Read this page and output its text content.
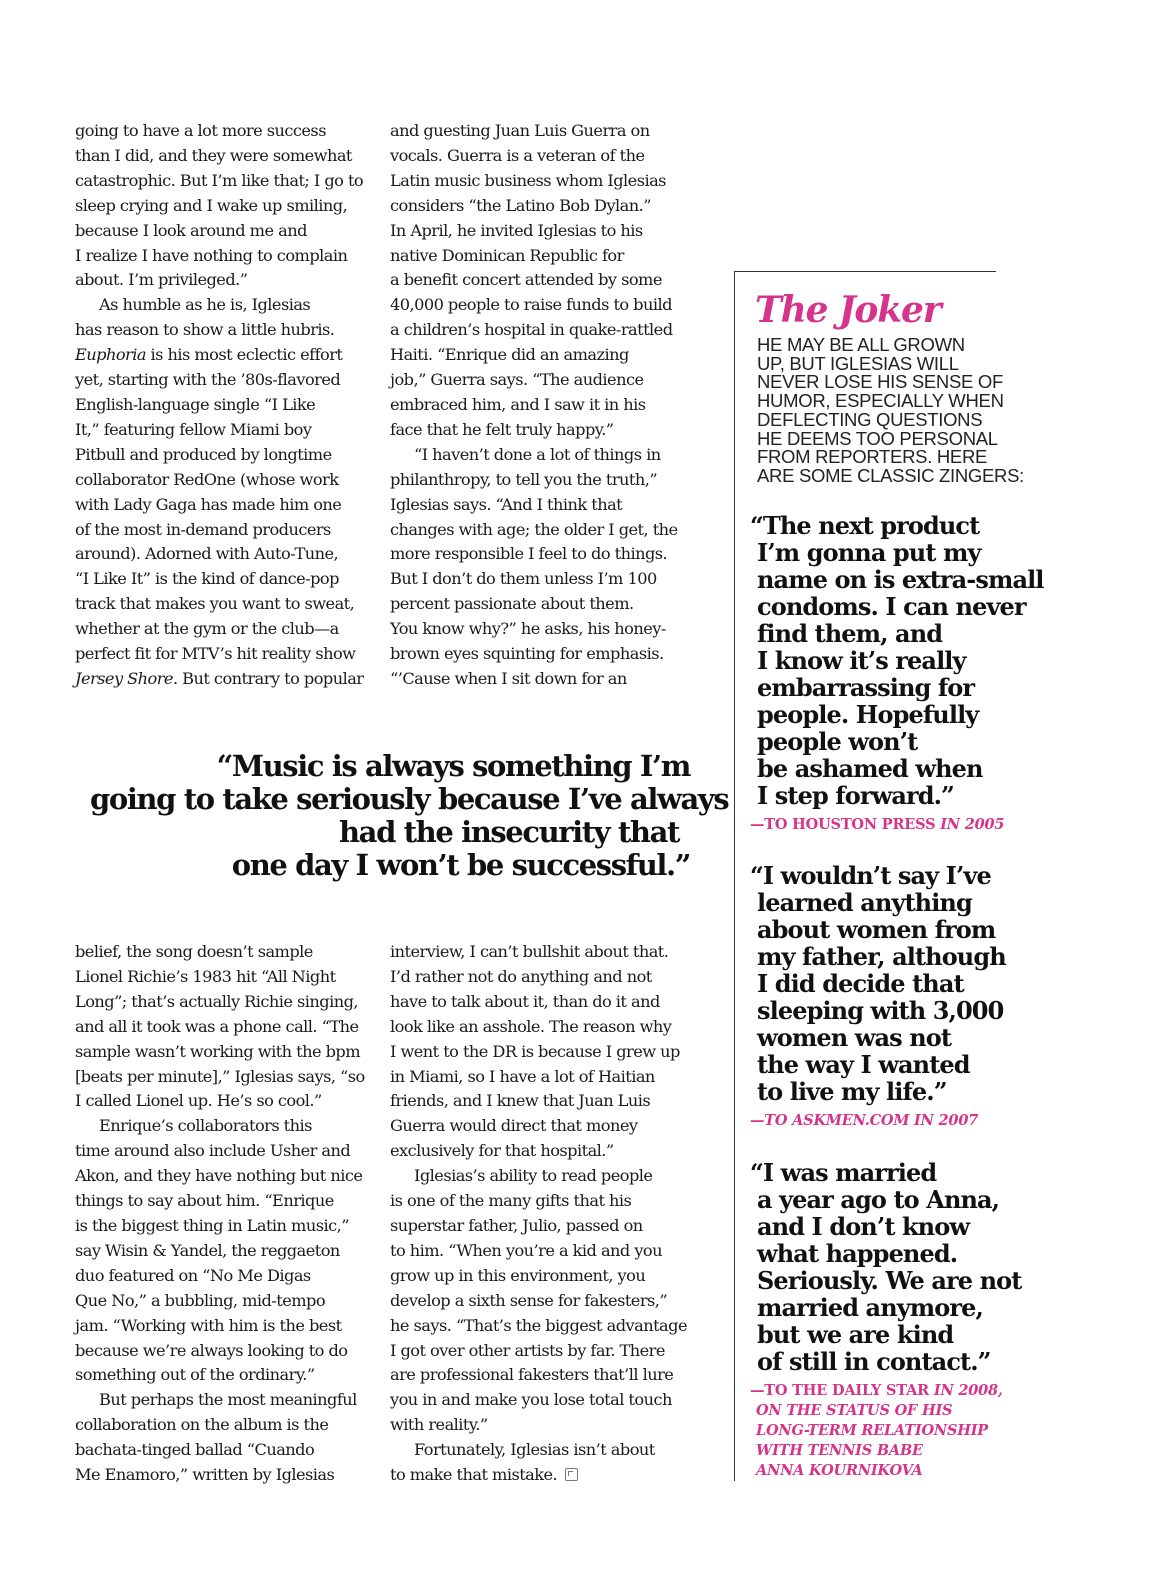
going to have a lot more success
than I did, and they were somewhat
catastrophic. But I’m like that; I go to
sleep crying and I wake up smiling,
because I look around me and
I realize I have nothing to complain
about. I’m privileged.”

As humble as he is, Iglesias
has reason to show a little hubris.
Euphoria is his most eclectic effort
yet, starting with the ’80s-flavored
English-language single “I Like
It,” featuring fellow Miami boy
Pitbull and produced by longtime
collaborator RedOne (whose work
with Lady Gaga has made him one
of the most in-demand producers
around). Adorned with Auto-Tune,
“I Like It” is the kind of dance-pop
track that makes you want to sweat,
whether at the gym or the club—a
perfect fit for MTV’s hit reality show
Jersey Shore. But contrary to popular

and guesting Juan Luis Guerra on
vocals. Guerra is a veteran of the
Latin music business whom Iglesias
considers “the Latino Bob Dylan.”
In April, he invited Iglesias to his
native Dominican Republic for
a benefit concert attended by some
40,000 people to raise funds to build
a children’s hospital in quake-rattled
Haiti. “Enrique did an amazing
job,” Guerra says. “The audience
embraced him, and I saw it in his
face that he felt truly happy.”

“I haven’t done a lot of things in
philanthropy, to tell you the truth,”
Iglesias says. “And I think that
changes with age; the older I get, the
more responsible I feel to do things.
But I don’t do them unless I’m 100
percent passionate about them.
You know why?” he asks, his honey-
brown eyes squinting for emphasis.
“’Cause when I sit down for an

“Music is always something I’m
going to take seriously because I’ve always
had the insecurity that
one day I won’t be successful.”

belief, the song doesn’t sample
Lionel Richie’s 1983 hit “All Night
Long”; that’s actually Richie singing,
and all it took was a phone call. “The
sample wasn’t working with the bpm
[beats per minute],” Iglesias says, “so
I called Lionel up. He’s so cool.”

Enrique’s collaborators this
time around also include Usher and
Akon, and they have nothing but nice
things to say about him. “Enrique
is the biggest thing in Latin music,”
say Wisin & Yandel, the reggaeton
duo featured on “No Me Digas
Que No,” a bubbling, mid-tempo
jam. “Working with him is the best
because we’re always looking to do
something out of the ordinary.”

But perhaps the most meaningful
collaboration on the album is the
bachata-tinged ballad “Cuando
Me Enamoro,” written by Iglesias

interview, I can’t bullshit about that.
I’d rather not do anything and not
have to talk about it, than do it and
look like an asshole. The reason why
I went to the DR is because I grew up
in Miami, so I have a lot of Haitian
friends, and I knew that Juan Luis
Guerra would direct that money
exclusively for that hospital.”

Iglesias’s ability to read people
is one of the many gifts that his
superstar father, Julio, passed on
to him. “When you’re a kid and you
grow up in this environment, you
develop a sixth sense for fakesters,”
he says. “That’s the biggest advantage
I got over other artists by far. There
are professional fakesters that’ll lure
you in and make you lose total touch
with reality.”

Fortunately, Iglesias isn’t about
to make that mistake.

The Joker
HE MAY BE ALL GROWN
UP, BUT IGLESIAS WILL
NEVER LOSE HIS SENSE OF
HUMOR, ESPECIALLY WHEN
DEFLECTING QUESTIONS
HE DEEMS TOO PERSONAL
FROM REPORTERS. HERE
ARE SOME CLASSIC ZINGERS:
“The next product
I’m gonna put my
name on is extra-small
condoms. I can never
find them, and
I know it’s really
embarrassing for
people. Hopefully
people won’t
be ashamed when
I step forward.”
—TO HOUSTON PRESS IN 2005
“I wouldn’t say I’ve
learned anything
about women from
my father, although
I did decide that
sleeping with 3,000
women was not
the way I wanted
to live my life.”
—TO ASKMEN.COM IN 2007
“I was married
a year ago to Anna,
and I don’t know
what happened.
Seriously. We are not
married anymore,
but we are kind
of still in contact.”
—TO THE DAILY STAR IN 2008,
ON THE STATUS OF HIS
LONG-TERM RELATIONSHIP
WITH TENNIS BABE
ANNA KOURNIKOVA
